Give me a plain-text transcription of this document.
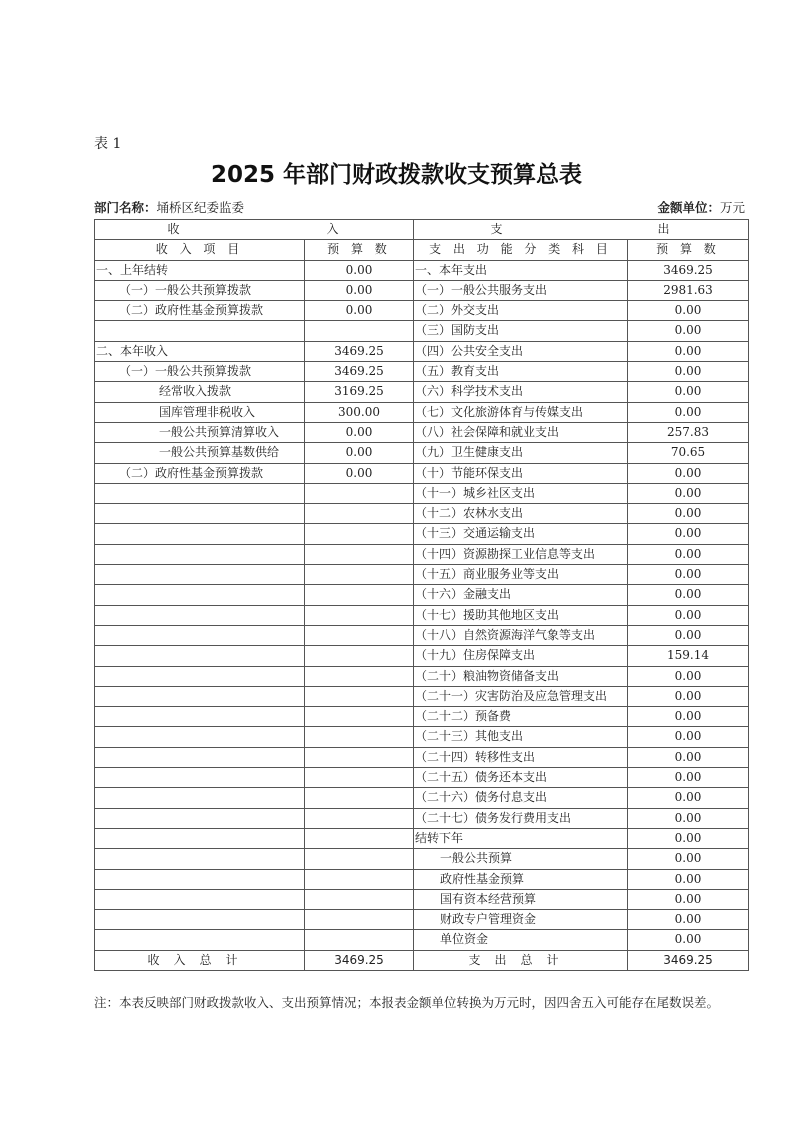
表 1
2025 年部门财政拨款收支预算总表
部门名称：埇桥区纪委监委	金额单位：万元
收 入		支 出	
收 入 项 目	预 算 数	支 出 功 能 分 类 科 目	预 算 数
一、上年结转	0.00	一、本年支出	3469.25
（一）一般公共预算拨款	0.00	（一）一般公共服务支出	2981.63
（二）政府性基金预算拨款	0.00	（二）外交支出	0.00
		（三）国防支出	0.00
二、本年收入	3469.25	（四）公共安全支出	0.00
（一）一般公共预算拨款	3469.25	（五）教育支出	0.00
经常收入拨款	3169.25	（六）科学技术支出	0.00
国库管理非税收入	300.00	（七）文化旅游体育与传媒支出	0.00
一般公共预算清算收入	0.00	（八）社会保障和就业支出	257.83
一般公共预算基数供给	0.00	（九）卫生健康支出	70.65
（二）政府性基金预算拨款	0.00	（十）节能环保支出	0.00
		（十一）城乡社区支出	0.00
		（十二）农林水支出	0.00
		（十三）交通运输支出	0.00
		（十四）资源勘探工业信息等支出	0.00
		（十五）商业服务业等支出	0.00
		（十六）金融支出	0.00
		（十七）援助其他地区支出	0.00
		（十八）自然资源海洋气象等支出	0.00
		（十九）住房保障支出	159.14
		（二十）粮油物资储备支出	0.00
		（二十一）灾害防治及应急管理支出	0.00
		（二十二）预备费	0.00
		（二十三）其他支出	0.00
		（二十四）转移性支出	0.00
		（二十五）债务还本支出	0.00
		（二十六）债务付息支出	0.00
		（二十七）债务发行费用支出	0.00
		结转下年	0.00
		一般公共预算	0.00
		政府性基金预算	0.00
		国有资本经营预算	0.00
		财政专户管理资金	0.00
		单位资金	0.00
收入总计	3469.25	支出总计	3469.25
注：本表反映部门财政拨款收入、支出预算情况；本报表金额单位转换为万元时，因四舍五入可能存在尾数误差。
